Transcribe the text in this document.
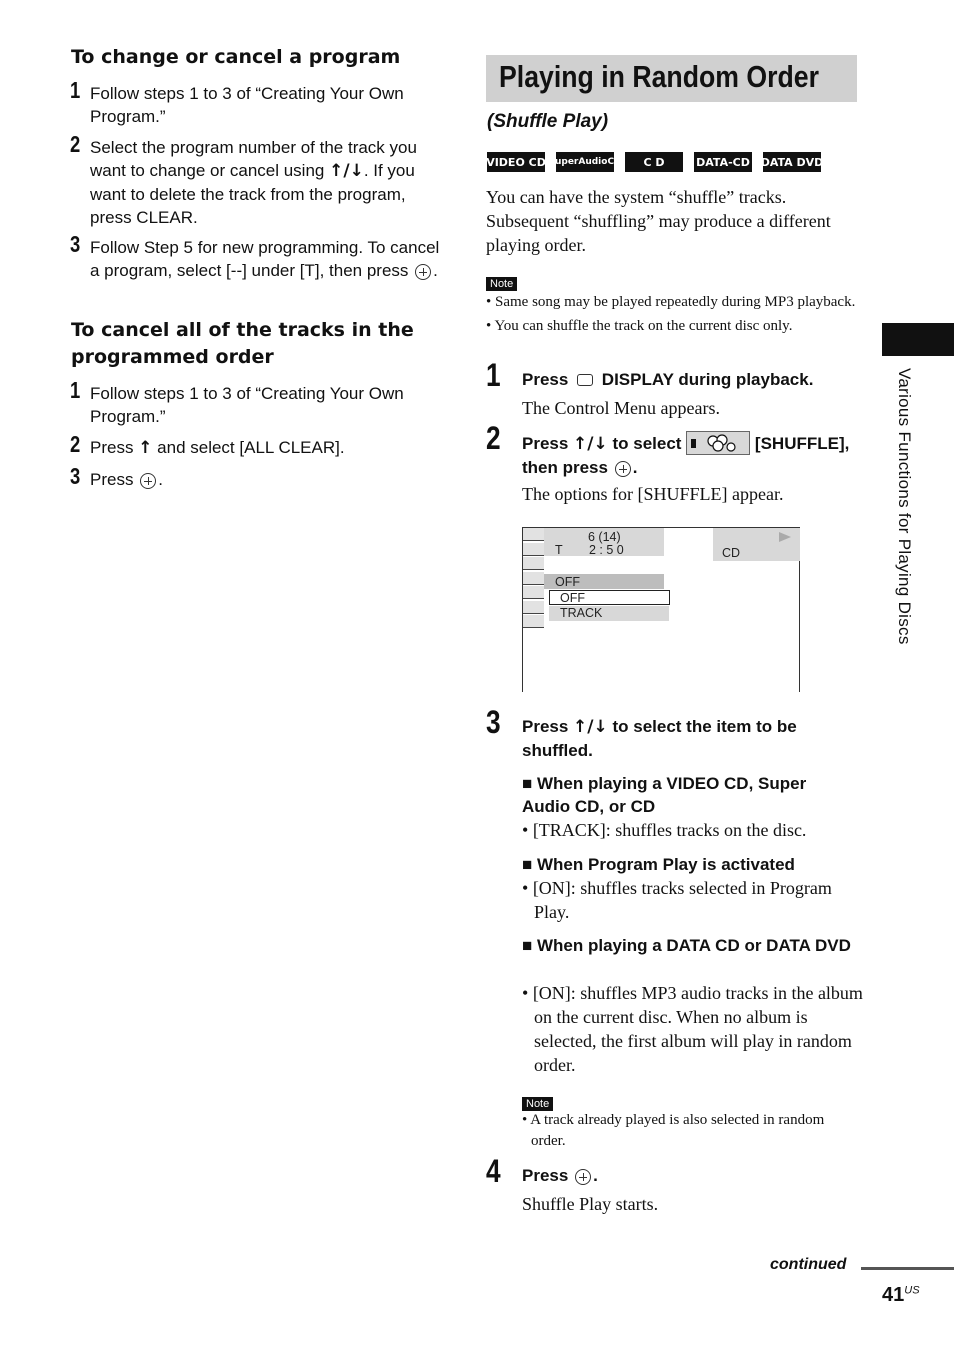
To change or cancel a program
1 Follow steps 1 to 3 of “Creating Your Own Program.”
2 Select the program number of the track you want to change or cancel using ↑/↓. If you want to delete the track from the program, press CLEAR.
3 Follow Step 5 for new programming. To cancel a program, select [--] under [T], then press .
To cancel all of the tracks in the programmed order
1 Follow steps 1 to 3 of “Creating Your Own Program.”
2 Press ↑ and select [ALL CLEAR].
3 Press .
Playing in Random Order
(Shuffle Play)
VIDEO CD SuperAudioCD	C D	DATA-CD DATA DVD
You can have the system “shuffle” tracks. Subsequent “shuffling” may produce a different playing order.
Note
• Same song may be played repeatedly during MP3 playback.
• You can shuffle the track on the current disc only.
1 Press DISPLAY during playback.
The Control Menu appears.
2 Press ↑/↓ to select	[SHUFFLE],
then press .
The options for [SHUFFLE] appear.
6 (14)
T 2 : 5 0	CD
OFF
OFF
TRACK
3 Press ↑/↓ to select the item to be shuffled.
■ When playing a VIDEO CD, Super Audio CD, or CD
• [TRACK]: shuffles tracks on the disc.
■ When Program Play is activated
• [ON]: shuffles tracks selected in Program Play.
■ When playing a DATA CD or DATA DVD
• [ON]: shuffles MP3 audio tracks in the album on the current disc. When no album is selected, the first album will play in random order.
Note
• A track already played is also selected in random order.
4 Press .
Shuffle Play starts.
Various Functions for Playing Discs
continued
$41^{US}$
